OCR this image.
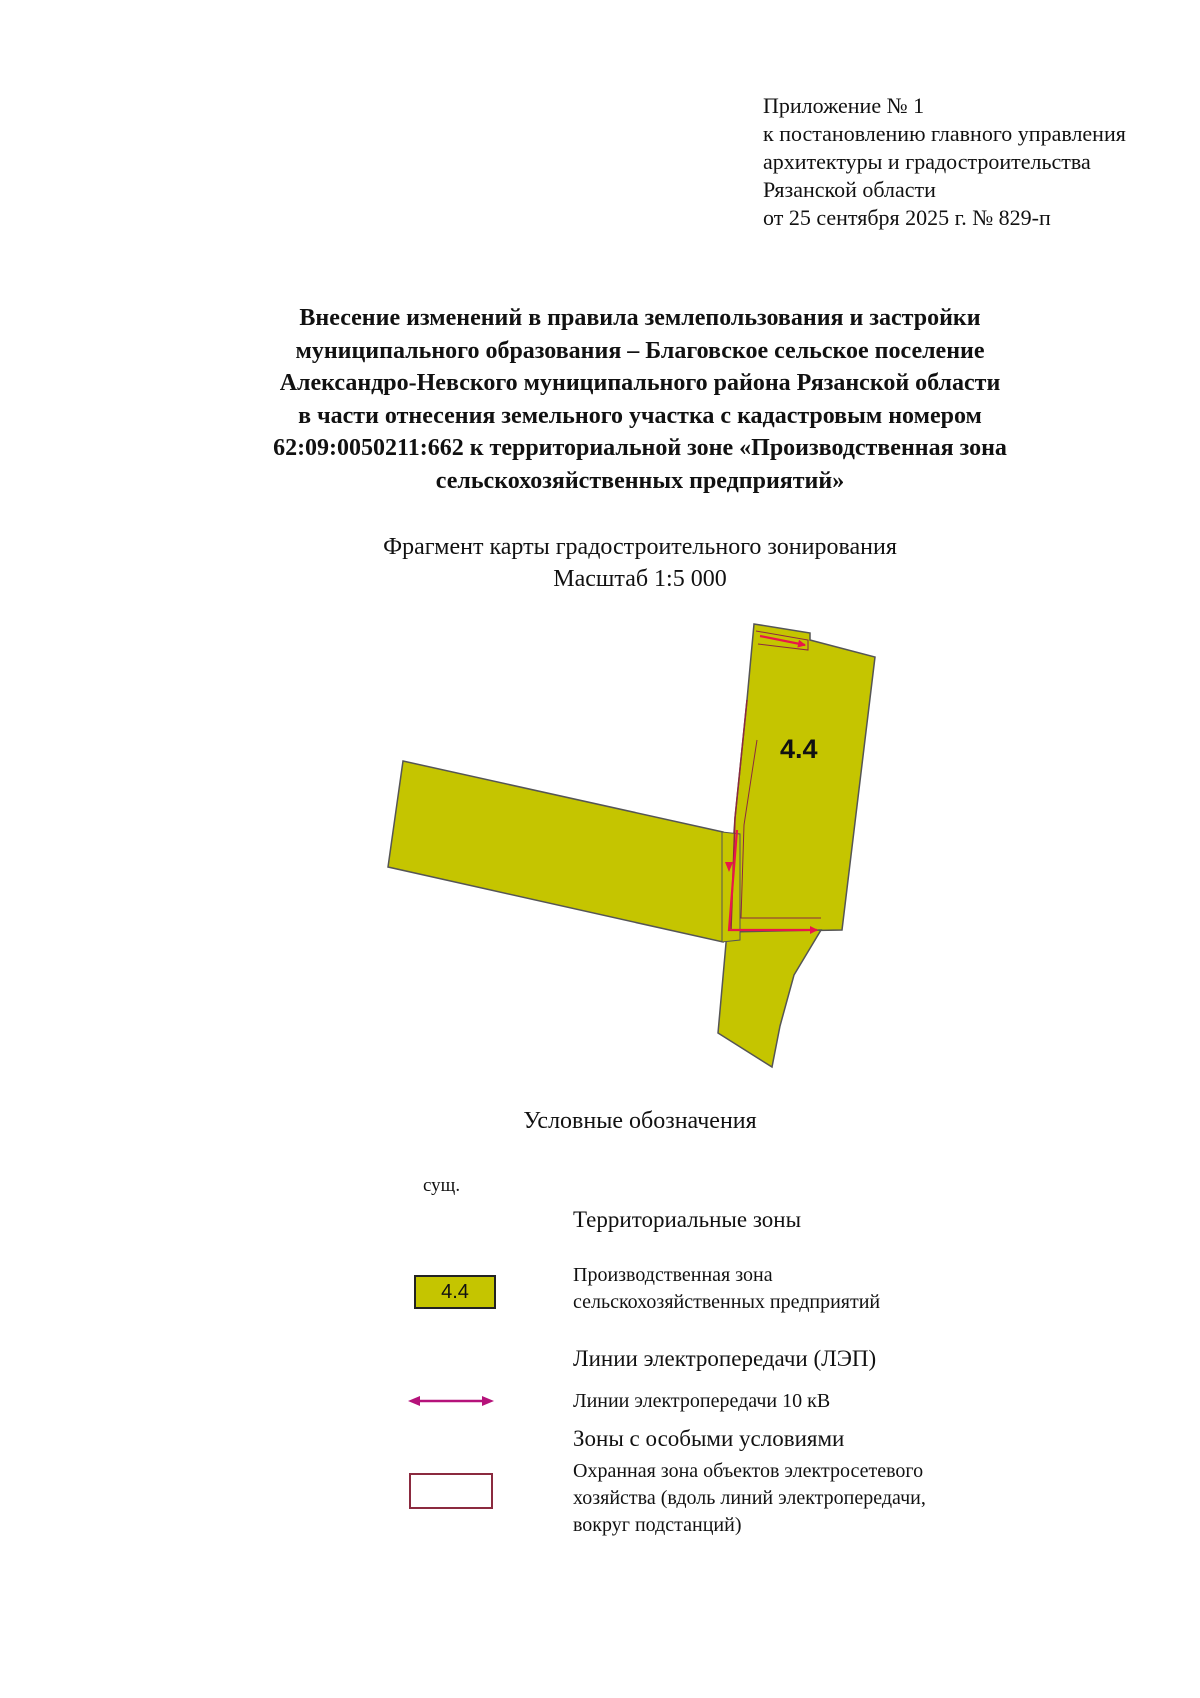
Приложение № 1
к постановлению главного управления
архитектуры и градостроительства
Рязанской области
от 25 сентября 2025 г. № 829-п
Внесение изменений в правила землепользования и застройки
муниципального образования – Благовское сельское поселение
Александро-Невского муниципального района Рязанской области
в части отнесения земельного участка с кадастровым номером
62:09:0050211:662 к территориальной зоне «Производственная зона
сельскохозяйственных предприятий»
Фрагмент карты градостроительного зонирования
Масштаб 1:5 000
4.4
Условные обозначения
сущ.
Территориальные зоны
4.4
Производственная зона
сельскохозяйственных предприятий
Линии электропередачи (ЛЭП)
Линии электропередачи 10 кВ
Зоны с особыми условиями
Охранная зона объектов электросетевого
хозяйства (вдоль линий электропередачи,
вокруг подстанций)
